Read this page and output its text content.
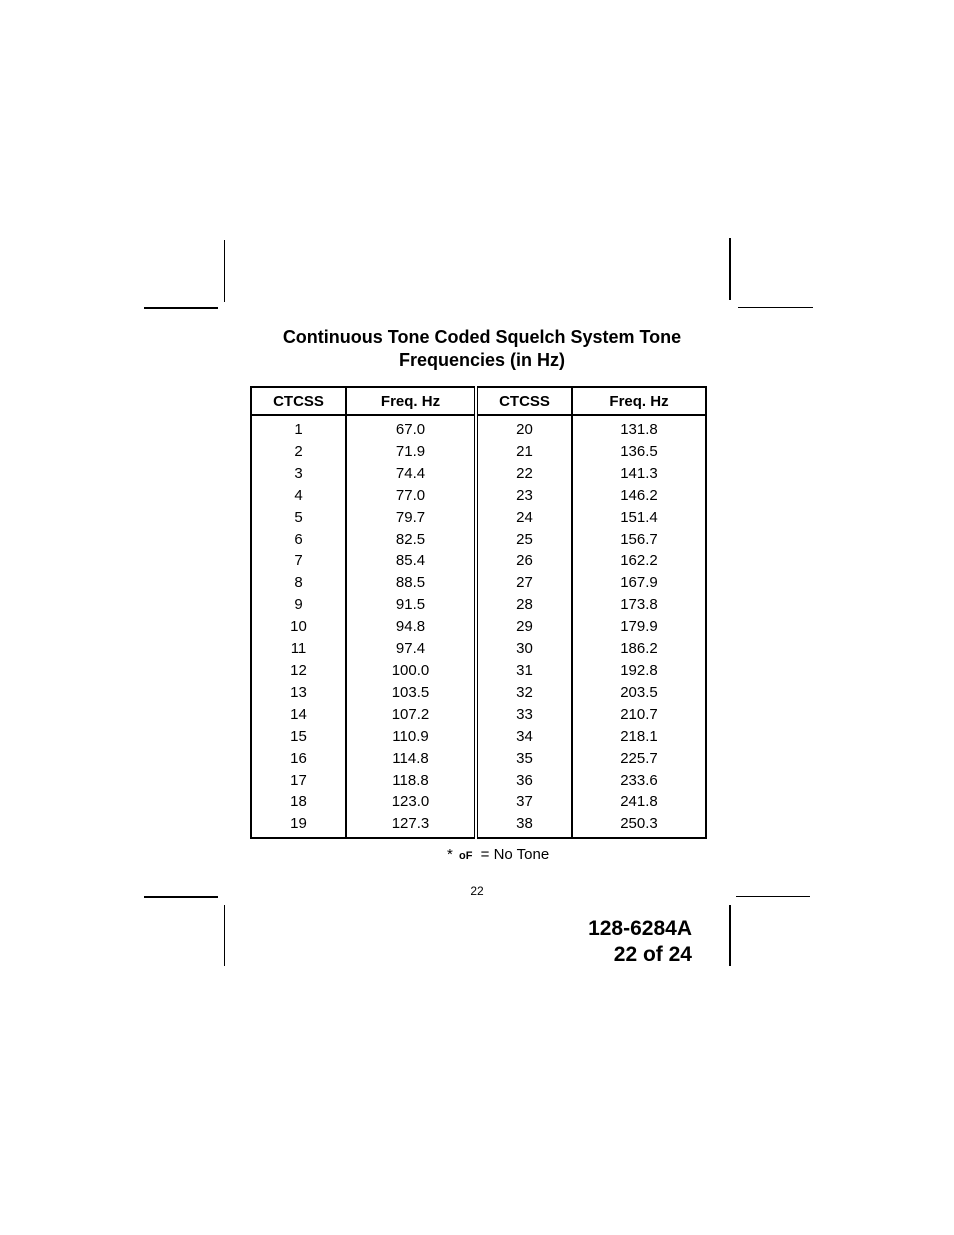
Continuous Tone Coded Squelch System Tone
Frequencies (in Hz)
CTCSS	Freq. Hz	CTCSS	Freq. Hz
1	67.0	20	131.8
2	71.9	21	136.5
3	74.4	22	141.3
4	77.0	23	146.2
5	79.7	24	151.4
6	82.5	25	156.7
7	85.4	26	162.2
8	88.5	27	167.9
9	91.5	28	173.8
10	94.8	29	179.9
11	97.4	30	186.2
12	100.0	31	192.8
13	103.5	32	203.5
14	107.2	33	210.7
15	110.9	34	218.1
16	114.8	35	225.7
17	118.8	36	233.6
18	123.0	37	241.8
19	127.3	38	250.3
* oF = No Tone
22
128-6284A
22 of 24
